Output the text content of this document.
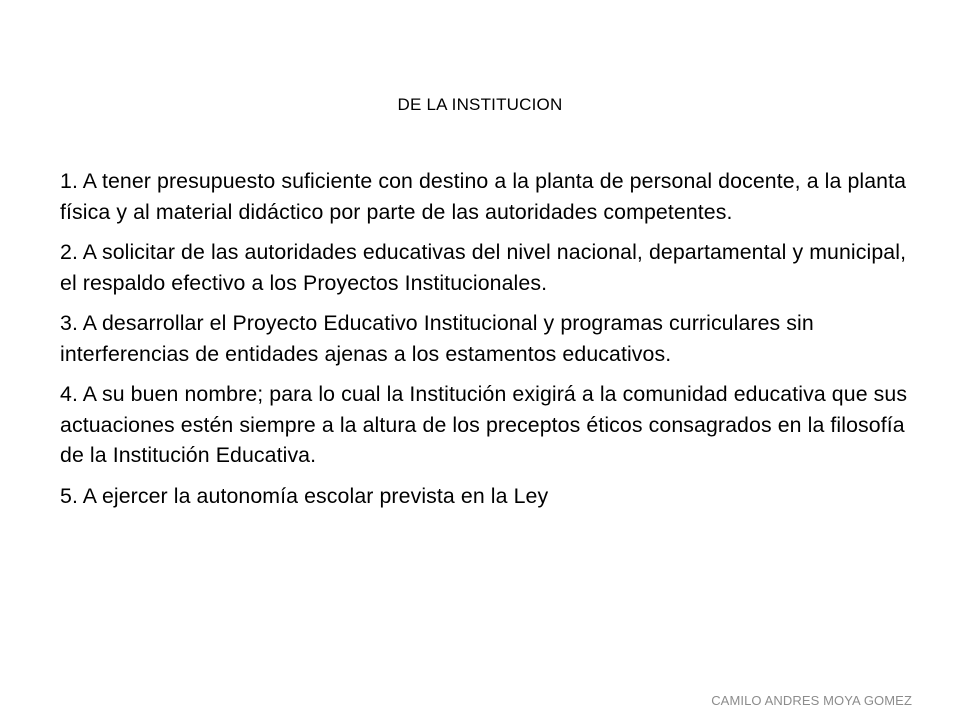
DE LA INSTITUCION

1. A tener presupuesto suficiente con destino a la planta de personal docente, a la planta física y al material didáctico por parte de las autoridades competentes.

2. A solicitar de las autoridades educativas del nivel nacional, departamental y municipal, el respaldo efectivo a los Proyectos Institucionales.

3. A desarrollar el Proyecto Educativo Institucional y programas curriculares sin interferencias de entidades ajenas a los estamentos educativos.

4. A su buen nombre; para lo cual la Institución exigirá a la comunidad educativa que sus actuaciones estén siempre a la altura de los preceptos éticos consagrados en la filosofía de la Institución Educativa.

5. A ejercer la autonomía escolar prevista en la Ley

CAMILO ANDRES MOYA GOMEZ
